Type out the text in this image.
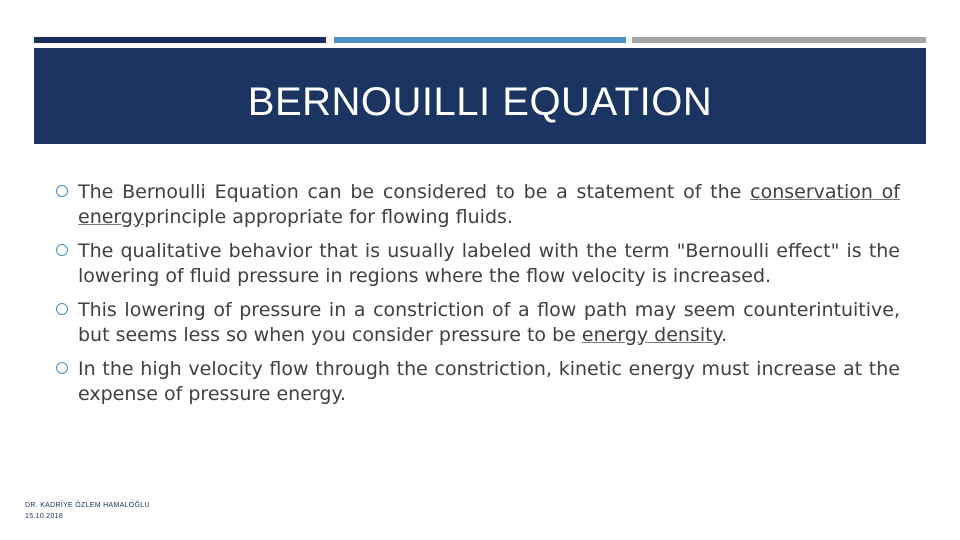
BERNOUILLI EQUATION
The Bernoulli Equation can be considered to be a statement of the conservation of energyprinciple appropriate for flowing fluids.
The qualitative behavior that is usually labeled with the term "Bernoulli effect" is the lowering of fluid pressure in regions where the flow velocity is increased.
This lowering of pressure in a constriction of a flow path may seem counterintuitive, but seems less so when you consider pressure to be energy density.
In the high velocity flow through the constriction, kinetic energy must increase at the expense of pressure energy.
DR. KADRİYE ÖZLEM HAMALOĞLU
15.10.2018
